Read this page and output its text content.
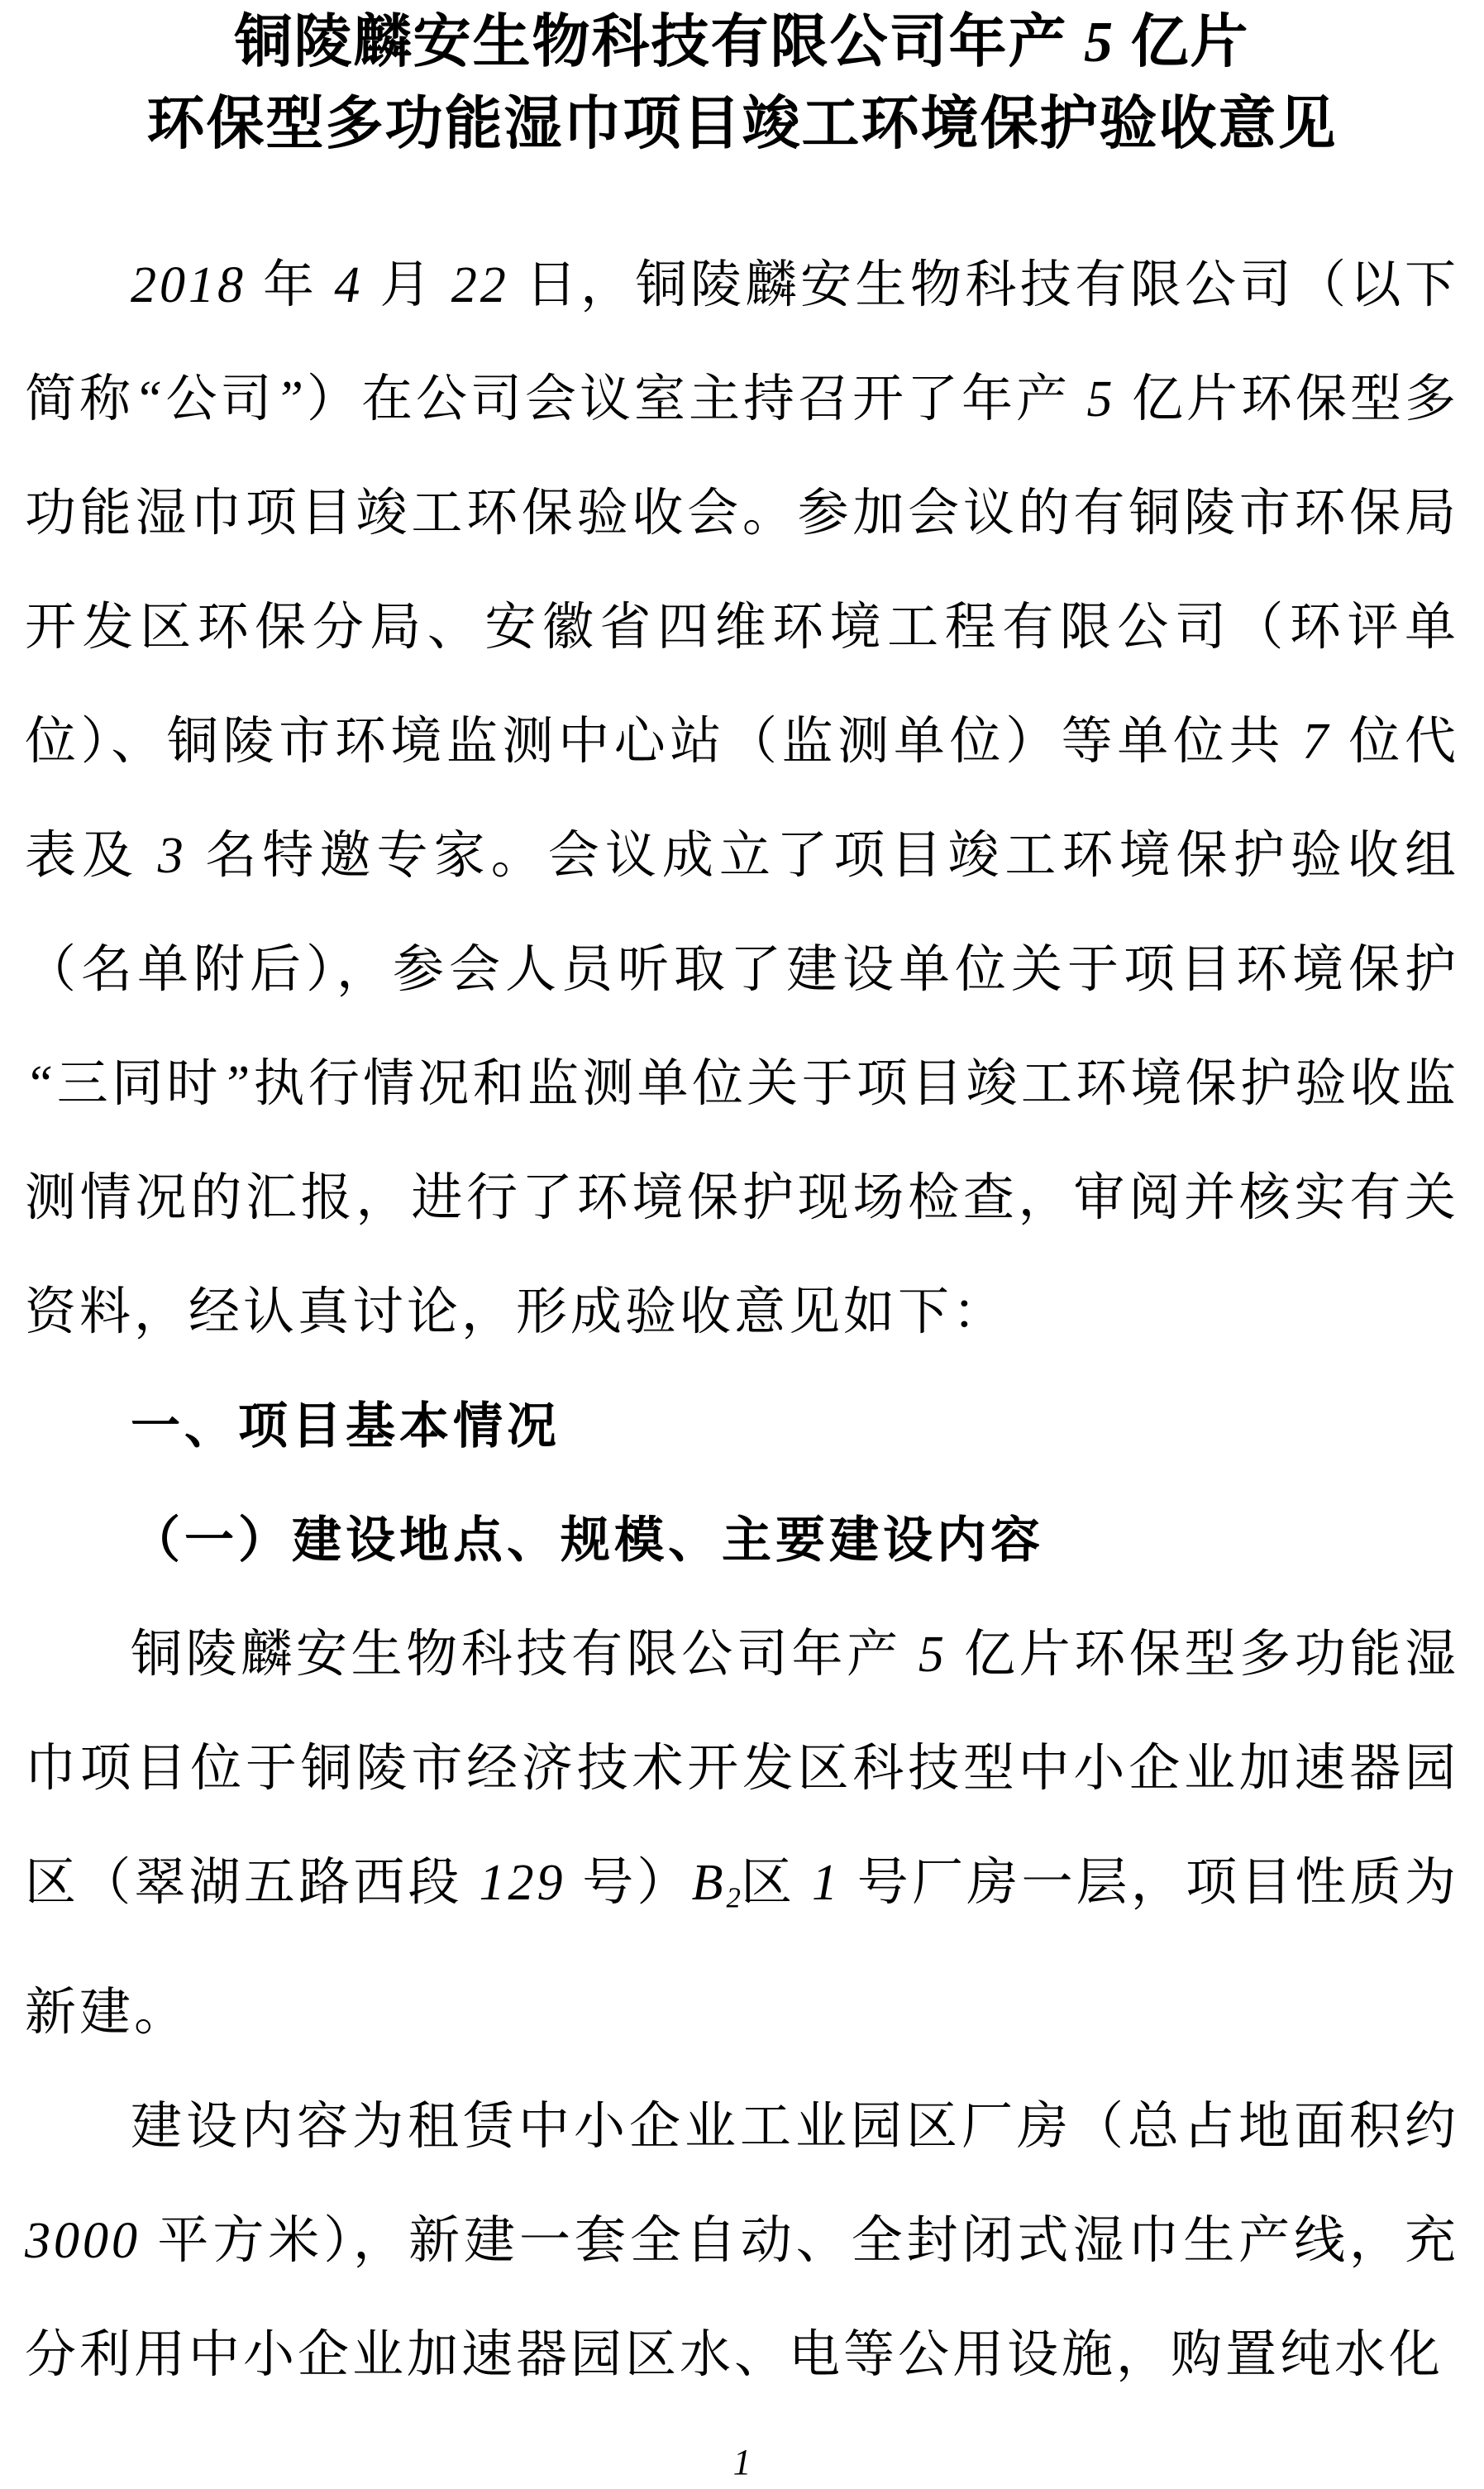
铜陵麟安生物科技有限公司年产 5 亿片
环保型多功能湿巾项目竣工环境保护验收意见

2018 年 4 月 22 日，铜陵麟安生物科技有限公司（以下简称“公司”）在公司会议室主持召开了年产 5 亿片环保型多功能湿巾项目竣工环保验收会。参加会议的有铜陵市环保局开发区环保分局、安徽省四维环境工程有限公司（环评单位）、铜陵市环境监测中心站（监测单位）等单位共 7 位代表及 3 名特邀专家。会议成立了项目竣工环境保护验收组（名单附后），参会人员听取了建设单位关于项目环境保护“三同时”执行情况和监测单位关于项目竣工环境保护验收监测情况的汇报，进行了环境保护现场检查，审阅并核实有关资料，经认真讨论，形成验收意见如下：

一、项目基本情况
（一）建设地点、规模、主要建设内容

铜陵麟安生物科技有限公司年产 5 亿片环保型多功能湿巾项目位于铜陵市经济技术开发区科技型中小企业加速器园区（翠湖五路西段 129 号）$B_2$区 1 号厂房一层，项目性质为新建。

建设内容为租赁中小企业工业园区厂房（总占地面积约 3000 平方米），新建一套全自动、全封闭式湿巾生产线，充分利用中小企业加速器园区水、电等公用设施，购置纯水化

1
